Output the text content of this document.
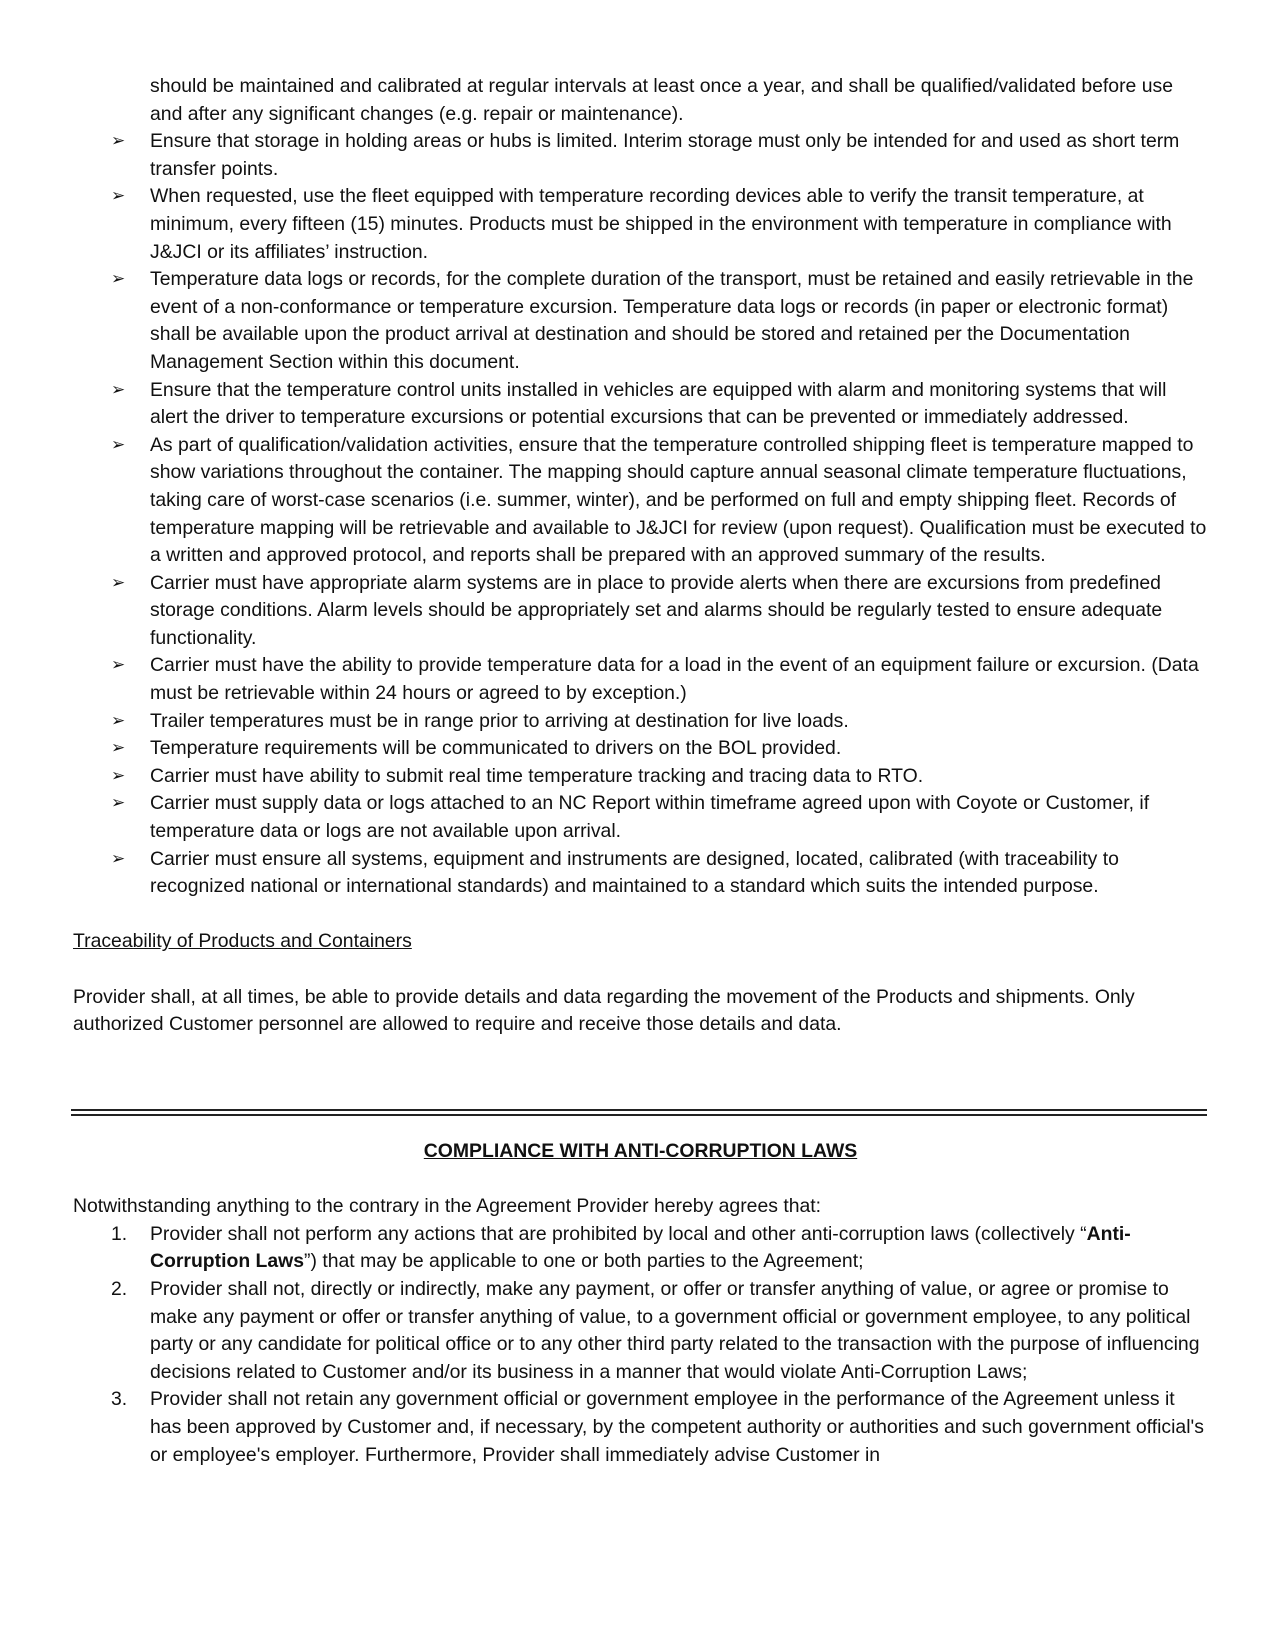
should be maintained and calibrated at regular intervals at least once a year, and shall be qualified/validated before use and after any significant changes (e.g. repair or maintenance).

➢	Ensure that storage in holding areas or hubs is limited. Interim storage must only be intended for and used as short term transfer points.
➢	When requested, use the fleet equipped with temperature recording devices able to verify the transit temperature, at minimum, every fifteen (15) minutes. Products must be shipped in the environment with temperature in compliance with J&JCI or its affiliates’ instruction.
➢	Temperature data logs or records, for the complete duration of the transport, must be retained and easily retrievable in the event of a non-conformance or temperature excursion. Temperature data logs or records (in paper or electronic format) shall be available upon the product arrival at destination and should be stored and retained per the Documentation Management Section within this document.
➢	Ensure that the temperature control units installed in vehicles are equipped with alarm and monitoring systems that will alert the driver to temperature excursions or potential excursions that can be prevented or immediately addressed.
➢	As part of qualification/validation activities, ensure that the temperature controlled shipping fleet is temperature mapped to show variations throughout the container. The mapping should capture annual seasonal climate temperature fluctuations, taking care of worst-case scenarios (i.e. summer, winter), and be performed on full and empty shipping fleet. Records of temperature mapping will be retrievable and available to J&JCI for review (upon request). Qualification must be executed to a written and approved protocol, and reports shall be prepared with an approved summary of the results.
➢	Carrier must have appropriate alarm systems are in place to provide alerts when there are excursions from predefined storage conditions. Alarm levels should be appropriately set and alarms should be regularly tested to ensure adequate functionality.
➢	Carrier must have the ability to provide temperature data for a load in the event of an equipment failure or excursion. (Data must be retrievable within 24 hours or agreed to by exception.)
➢	Trailer temperatures must be in range prior to arriving at destination for live loads.
➢	Temperature requirements will be communicated to drivers on the BOL provided.
➢	Carrier must have ability to submit real time temperature tracking and tracing data to RTO.
➢	Carrier must supply data or logs attached to an NC Report within timeframe agreed upon with Coyote or Customer, if temperature data or logs are not available upon arrival.
➢	Carrier must ensure all systems, equipment and instruments are designed, located, calibrated (with traceability to recognized national or international standards) and maintained to a standard which suits the intended purpose.

Traceability of Products and Containers

Provider shall, at all times, be able to provide details and data regarding the movement of the Products and shipments. Only authorized Customer personnel are allowed to require and receive those details and data.

COMPLIANCE WITH ANTI-CORRUPTION LAWS

Notwithstanding anything to the contrary in the Agreement Provider hereby agrees that:

1. Provider shall not perform any actions that are prohibited by local and other anti-corruption laws (collectively “Anti-Corruption Laws”) that may be applicable to one or both parties to the Agreement;
2. Provider shall not, directly or indirectly, make any payment, or offer or transfer anything of value, or agree or promise to make any payment or offer or transfer anything of value, to a government official or government employee, to any political party or any candidate for political office or to any other third party related to the transaction with the purpose of influencing decisions related to Customer and/or its business in a manner that would violate Anti-Corruption Laws;
3. Provider shall not retain any government official or government employee in the performance of the Agreement unless it has been approved by Customer and, if necessary, by the competent authority or authorities and such government official's or employee's employer. Furthermore, Provider shall immediately advise Customer in
